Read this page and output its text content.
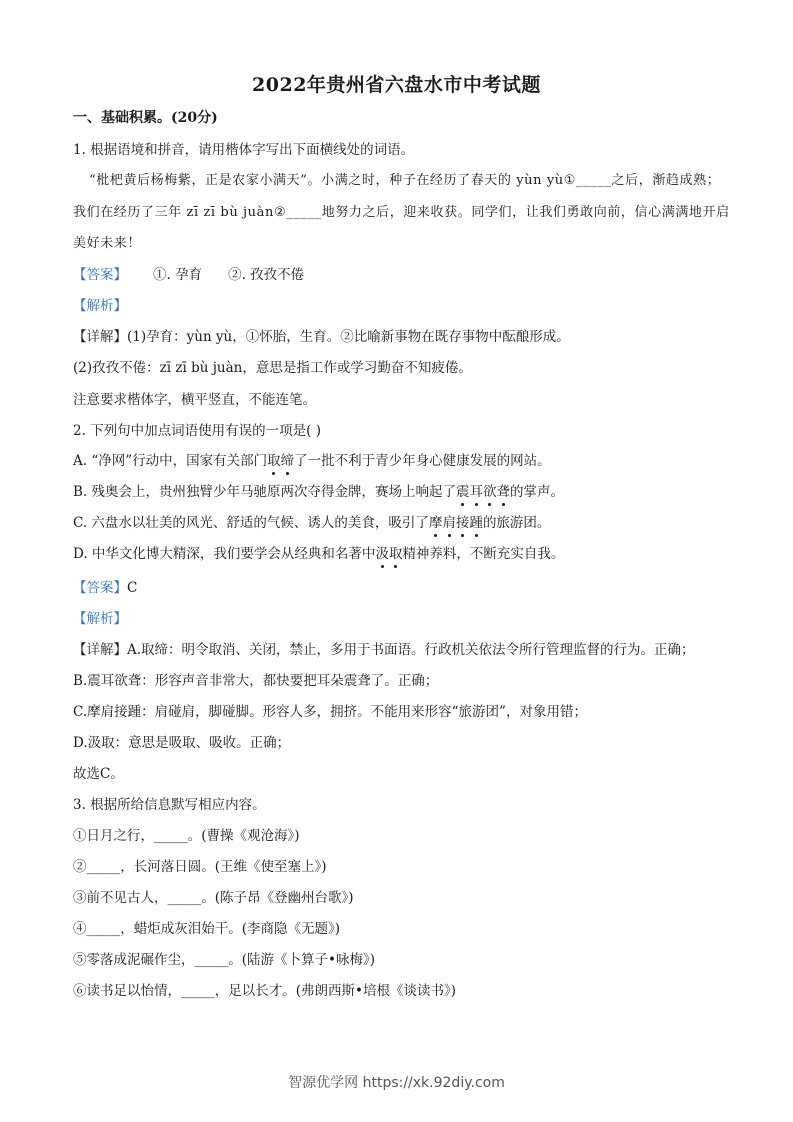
2022年贵州省六盘水市中考试题
一、基础积累。(20分)
1. 根据语境和拼音，请用楷体字写出下面横线处的词语。
“枇杷黄后杨梅紫，正是农家小满天”。小满之时，种子在经历了春天的 yùn yù①_____之后，渐趋成熟；
我们在经历了三年 zī zī bù juàn②_____地努力之后，迎来收获。同学们，让我们勇敢向前，信心满满地开启
美好未来！
【答案】 ①. 孕育 ②. 孜孜不倦
【解析】
【详解】(1)孕育：yùn yù，①怀胎，生育。②比喻新事物在既存事物中酝酿形成。
(2)孜孜不倦：zī zī bù juàn，意思是指工作或学习勤奋不知疲倦。
注意要求楷体字，横平竖直，不能连笔。
2. 下列句中加点词语使用有误的一项是( )
A. “净网”行动中，国家有关部门取缔了一批不利于青少年身心健康发展的网站。
B. 残奥会上，贵州独臂少年马驰原两次夺得金牌，赛场上响起了震耳欲聋的掌声。
C. 六盘水以壮美的风光、舒适的气候、诱人的美食，吸引了摩肩接踵的旅游团。
D. 中华文化博大精深，我们要学会从经典和名著中汲取精神养料，不断充实自我。
【答案】C
【解析】
【详解】A.取缔：明令取消、关闭，禁止，多用于书面语。行政机关依法令所行管理监督的行为。正确；
B.震耳欲聋：形容声音非常大，都快要把耳朵震聋了。正确；
C.摩肩接踵：肩碰肩，脚碰脚。形容人多，拥挤。不能用来形容“旅游团”，对象用错；
D.汲取：意思是吸取、吸收。正确；
故选C。
3. 根据所给信息默写相应内容。
①日月之行，_____。(曹操《观沧海》)
②_____，长河落日圆。(王维《使至塞上》)
③前不见古人，_____。(陈子昂《登幽州台歌》)
④_____，蜡炬成灰泪始干。(李商隐《无题》)
⑤零落成泥碾作尘，_____。(陆游《卜算子•咏梅》)
⑥读书足以怡情，_____，足以长才。(弗朗西斯•培根《谈读书》)
智源优学网 https://xk.92diy.com
